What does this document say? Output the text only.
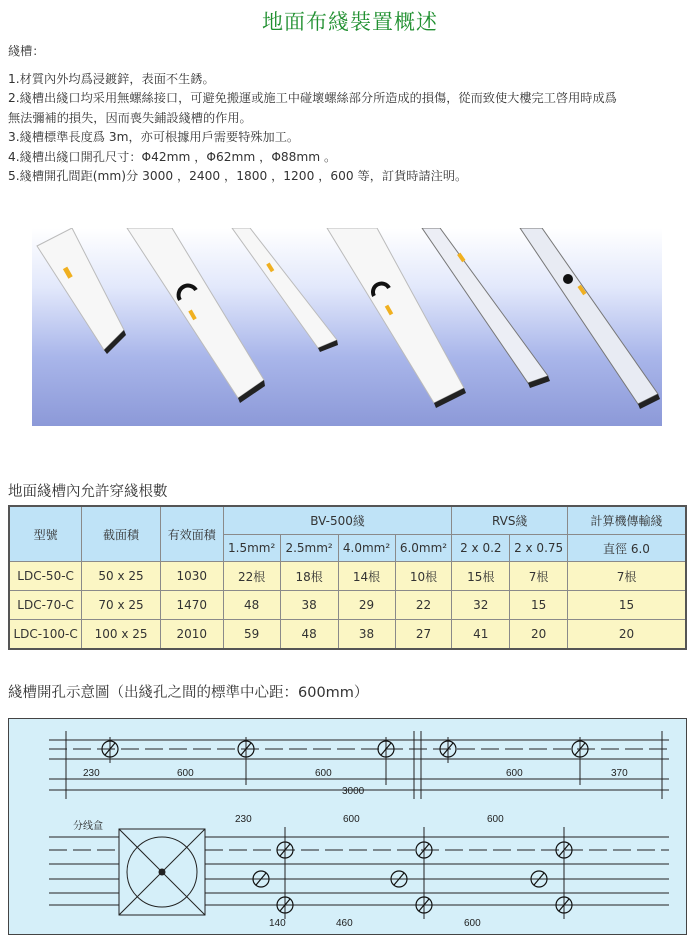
地面布綫裝置概述
綫槽：

1.材質內外均爲浸鍍鋅，表面不生銹。

2.綫槽出綫口均采用無螺絲接口，可避免搬運或施工中碰壞螺絲部分所造成的損傷，從而致使大樓完工啓用時成爲

無法彌補的損失，因而喪失鋪設綫槽的作用。

3.綫槽標準長度爲 3m，亦可根據用戶需要特殊加工。

4.綫槽出綫口開孔尺寸：Φ42mm ，Φ62mm ，Φ88mm 。

5.綫槽開孔間距(mm)分 3000 ，2400 ，1800 ，1200 ，600 等，訂貨時請注明。

地面綫槽內允許穿綫根數
型號	截面積	有效面積	BV-500綫				RVS綫		計算機傳輸綫
			1.5mm²	2.5mm²	4.0mm²	6.0mm²	2 x 0.2	2 x 0.75	直徑 6.0
LDC-50-C	50 x 25	1030	22根	18根	14根	10根	15根	7根	7根
LDC-70-C	70 x 25	1470	48	38	29	22	32	15	15
LDC-100-C	100 x 25	2010	59	48	38	27	41	20	20
綫槽開孔示意圖（出綫孔之間的標準中心距：600mm）
230	600	600	600	370
3000
分线盒
230	600	600
140	460	600
